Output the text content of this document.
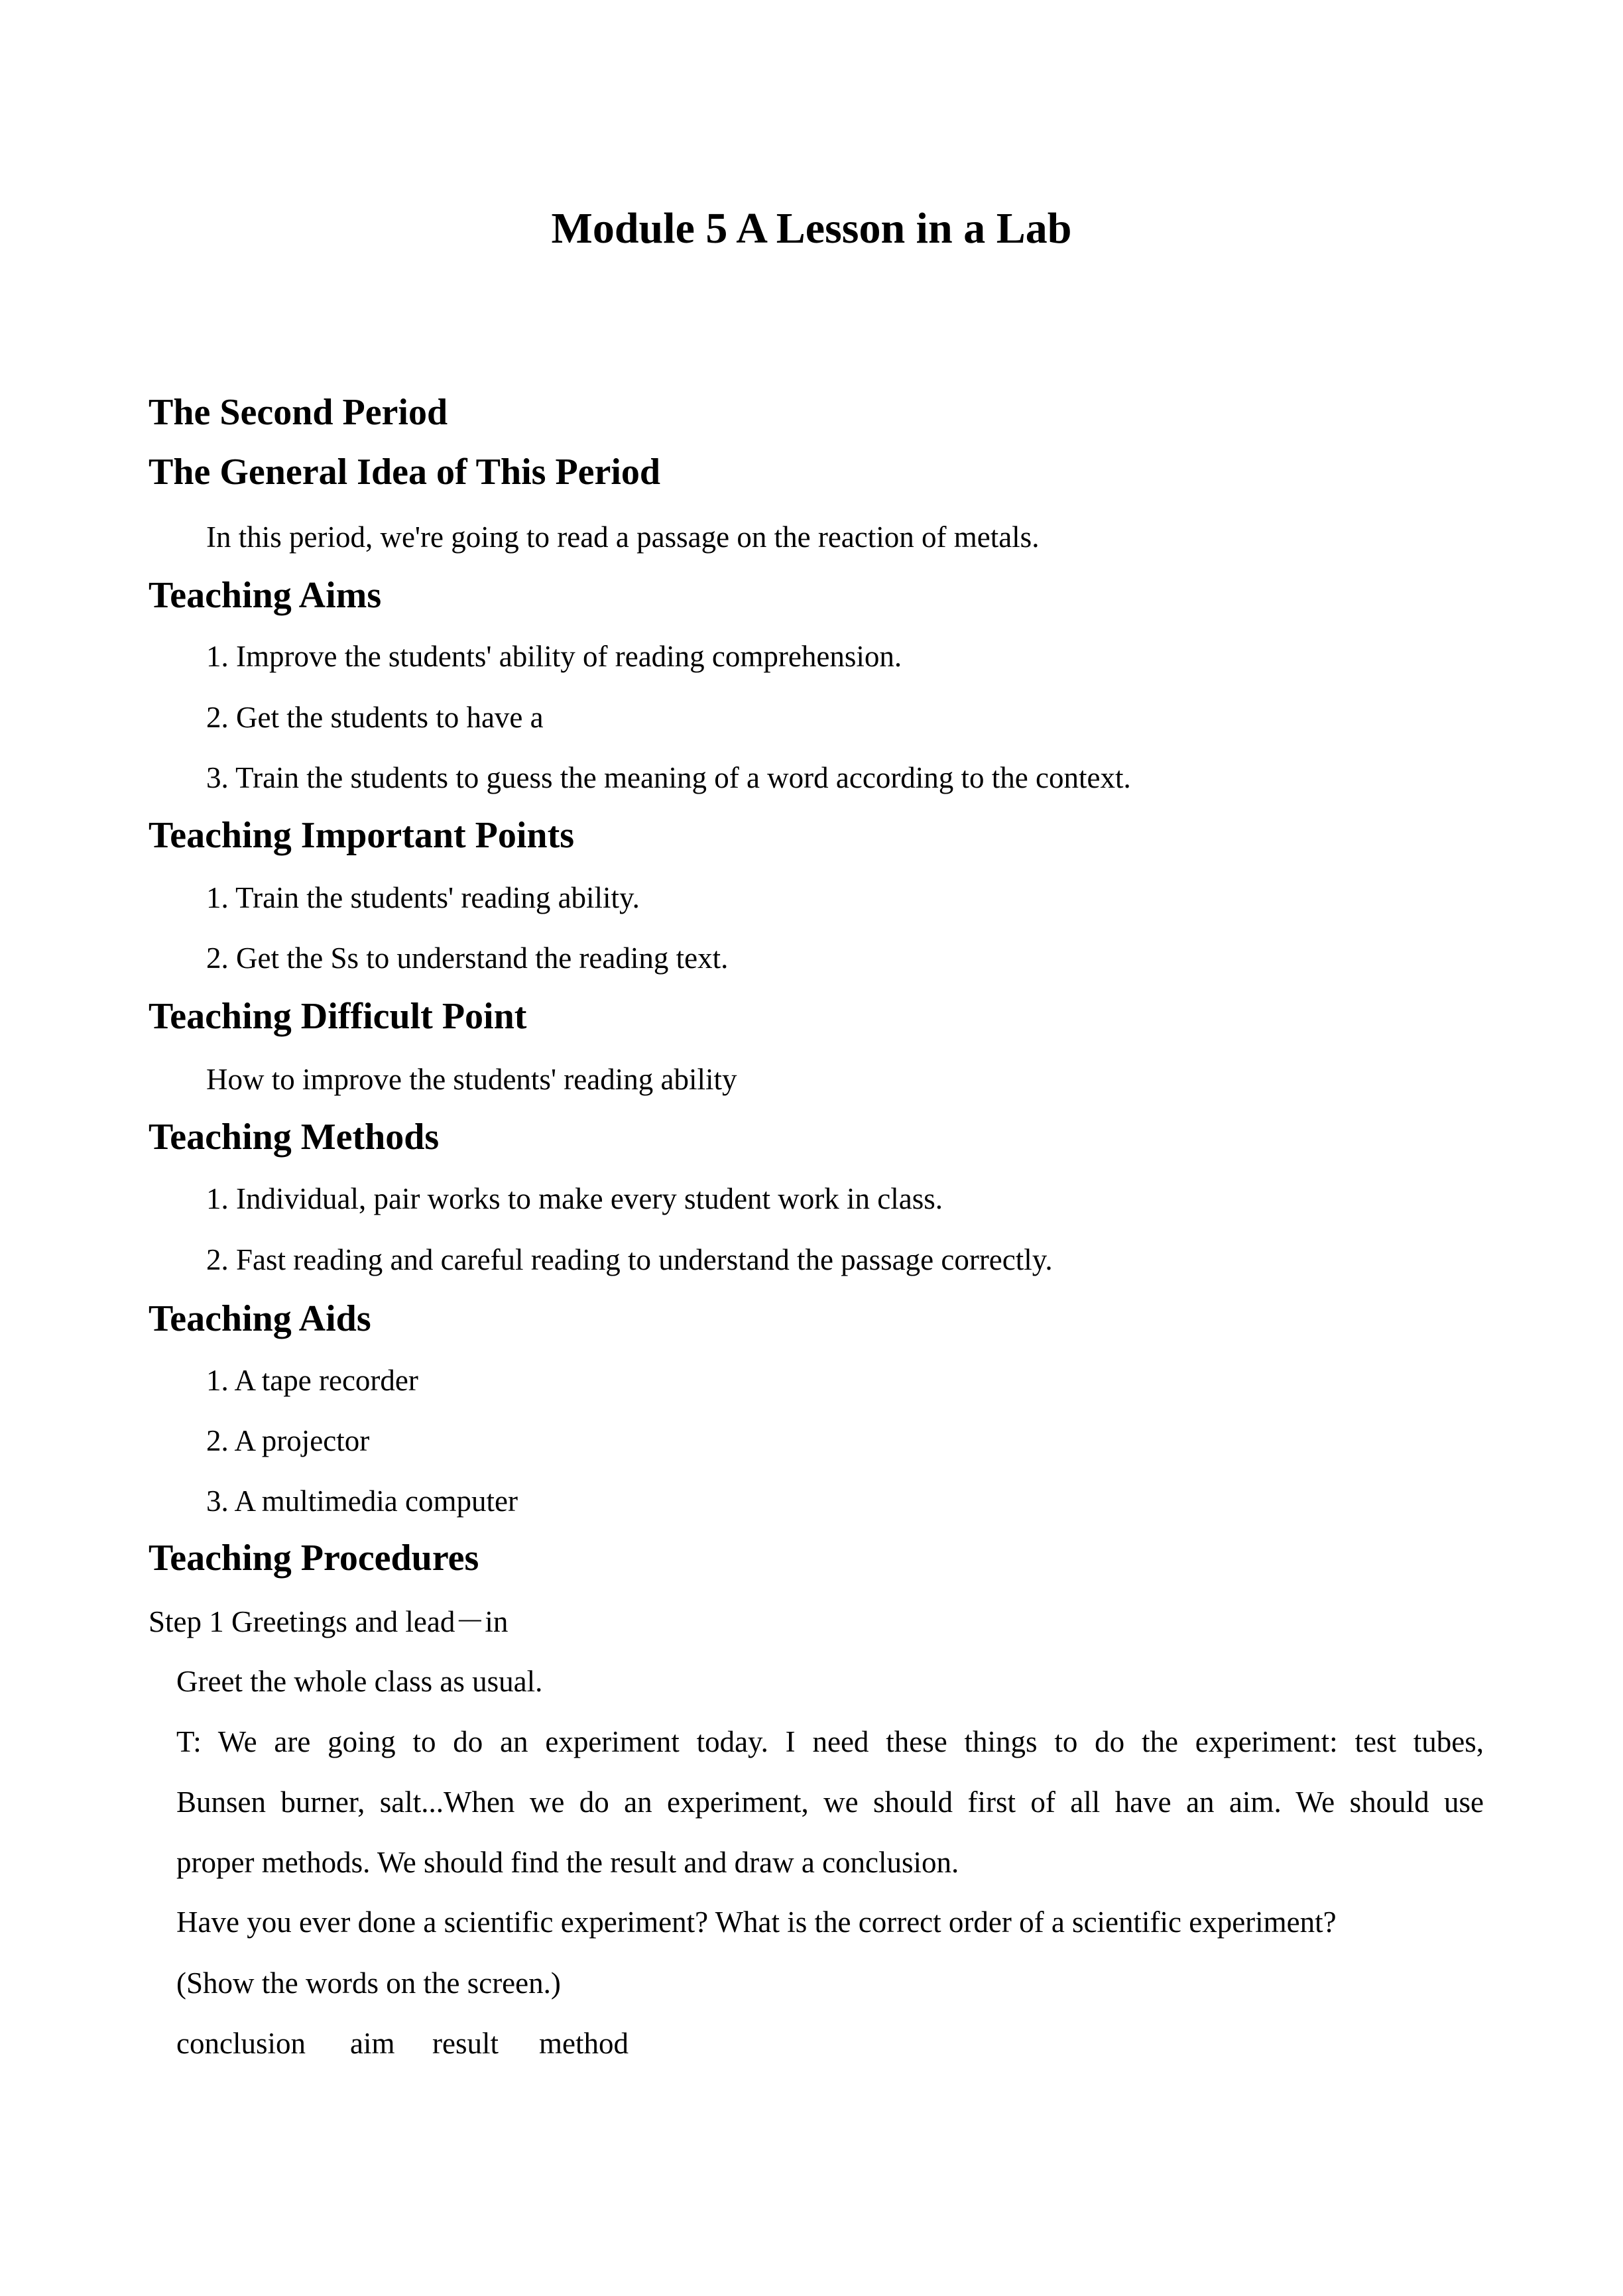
Module 5 A Lesson in a Lab
The Second Period
The General Idea of This Period
In this period, we're going to read a passage on the reaction of metals.
Teaching Aims
1. Improve the students' ability of reading comprehension.
2. Get the students to have a
3. Train the students to guess the meaning of a word according to the context.
Teaching Important Points
1. Train the students' reading ability.
2. Get the Ss to understand the reading text.
Teaching Difficult Point
How to improve the students' reading ability
Teaching Methods
1. Individual, pair works to make every student work in class.
2. Fast reading and careful reading to understand the passage correctly.
Teaching Aids
1. A tape recorder
2. A projector
3. A multimedia computer
Teaching Procedures
Step 1 Greetings and lead－in
Greet the whole class as usual.
T: We are going to do an experiment today. I need these things to do the experiment: test tubes,
Bunsen burner, salt...When we do an experiment, we should first of all have an aim. We should use
proper methods. We should find the result and draw a conclusion.
Have you ever done a scientific experiment? What is the correct order of a scientific experiment?
(Show the words on the screen.)
conclusion aim result method
